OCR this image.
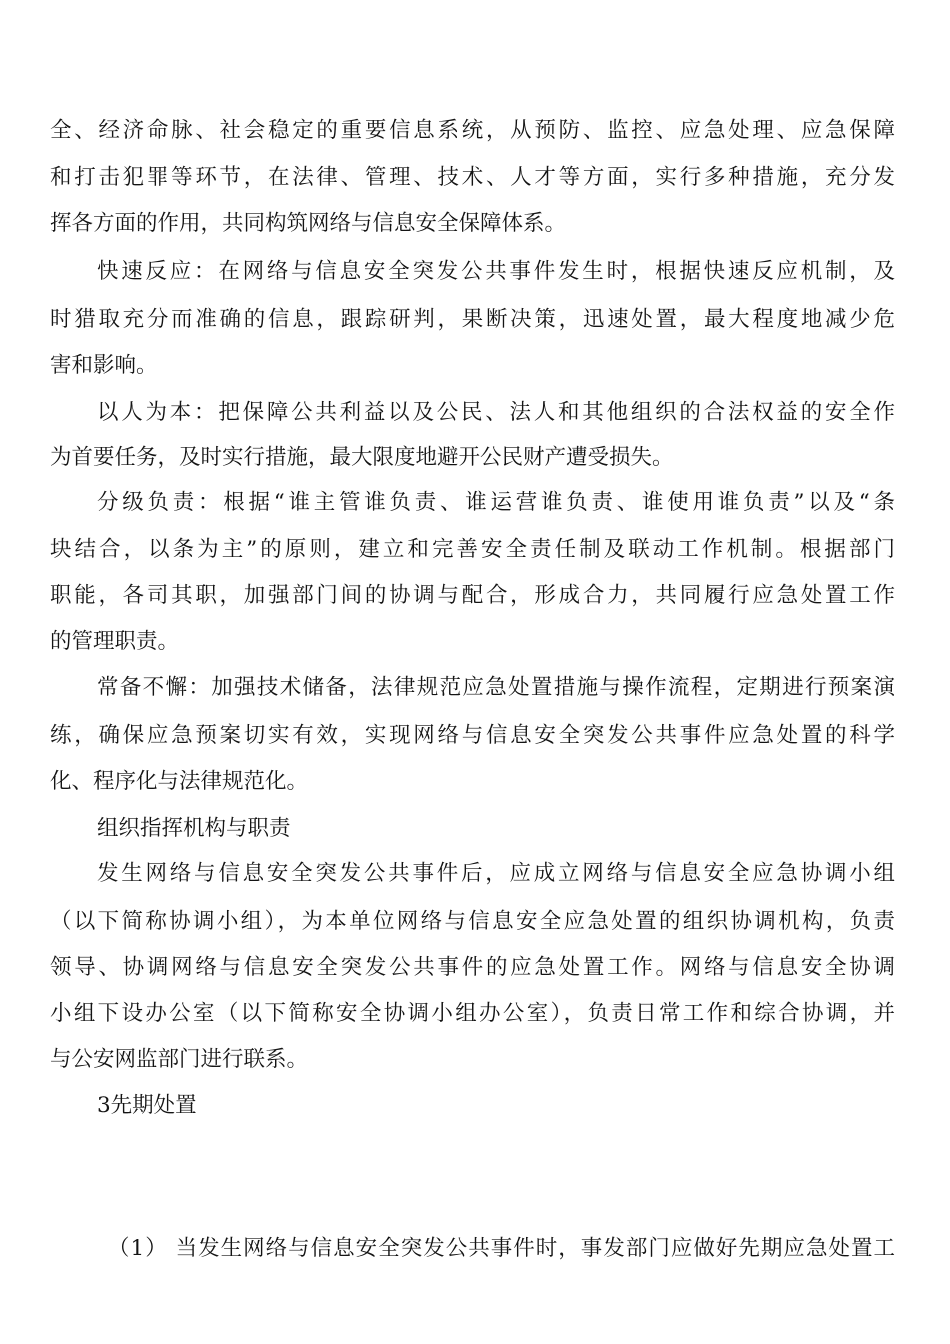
全、经济命脉、社会稳定的重要信息系统，从预防、监控、应急处理、应急保障
和打击犯罪等环节，在法律、管理、技术、人才等方面，实行多种措施，充分发
挥各方面的作用，共同构筑网络与信息安全保障体系。
快速反应：在网络与信息安全突发公共事件发生时，根据快速反应机制，及
时猎取充分而准确的信息，跟踪研判，果断决策，迅速处置，最大程度地减少危
害和影响。
以人为本：把保障公共利益以及公民、法人和其他组织的合法权益的安全作
为首要任务，及时实行措施，最大限度地避开公民财产遭受损失。
分级负责：根据“谁主管谁负责、谁运营谁负责、谁使用谁负责”以及“条
块结合，以条为主”的原则，建立和完善安全责任制及联动工作机制。根据部门
职能，各司其职，加强部门间的协调与配合，形成合力，共同履行应急处置工作
的管理职责。
常备不懈：加强技术储备，法律规范应急处置措施与操作流程，定期进行预案演
练，确保应急预案切实有效，实现网络与信息安全突发公共事件应急处置的科学
化、程序化与法律规范化。
组织指挥机构与职责
发生网络与信息安全突发公共事件后，应成立网络与信息安全应急协调小组
（以下简称协调小组），为本单位网络与信息安全应急处置的组织协调机构，负责
领导、协调网络与信息安全突发公共事件的应急处置工作。网络与信息安全协调
小组下设办公室（以下简称安全协调小组办公室），负责日常工作和综合协调，并
与公安网监部门进行联系。
3先期处置
（1） 当发生网络与信息安全突发公共事件时，事发部门应做好先期应急处置工
